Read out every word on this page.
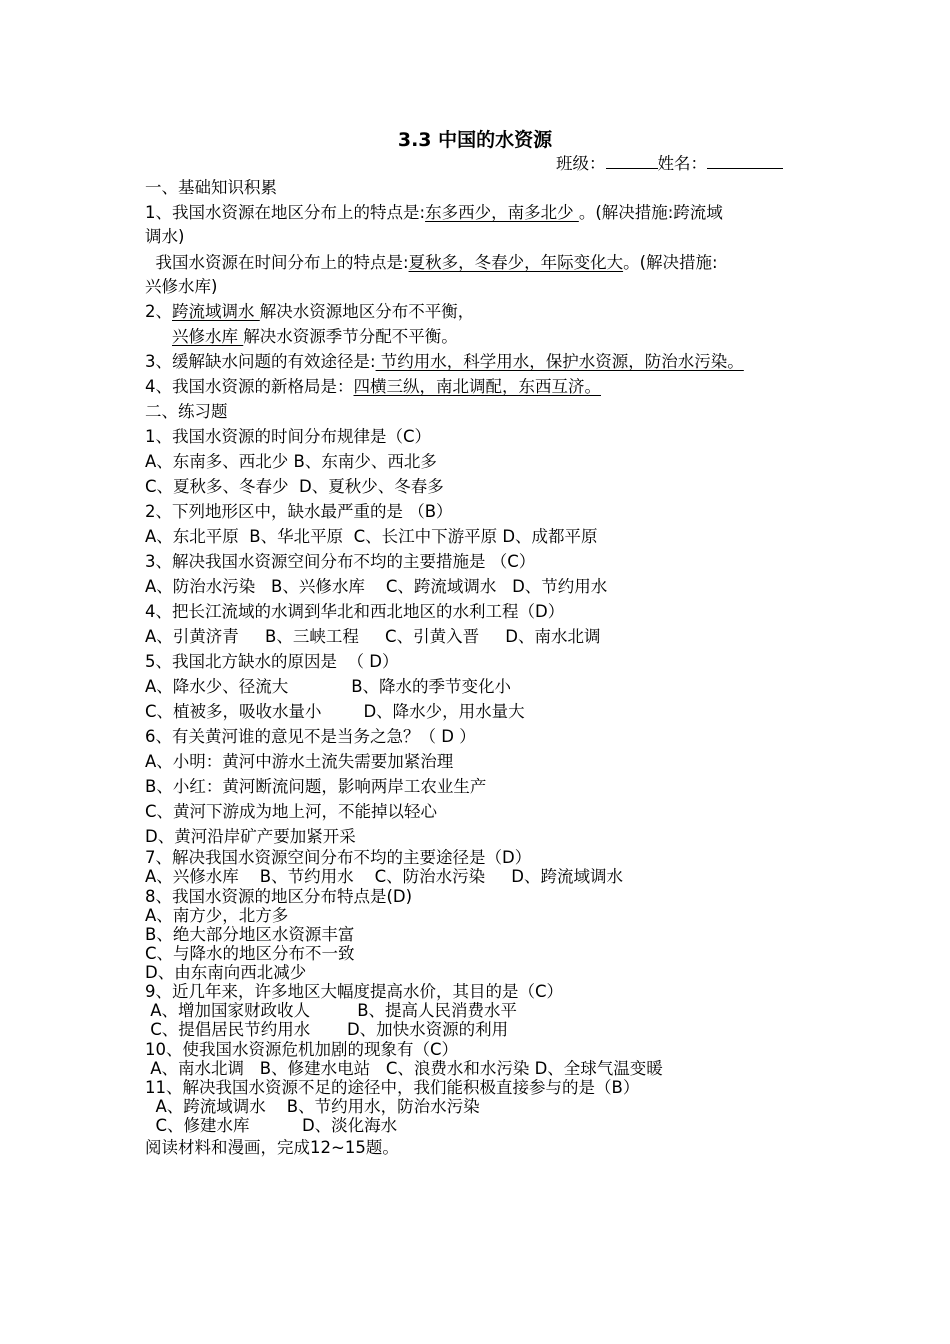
3.3 中国的水资源
班级：	姓名：
一、基础知识积累
1、我国水资源在地区分布上的特点是:东多西少，南多北少 。(解决措施:跨流域
调水)
我国水资源在时间分布上的特点是:夏秋多，冬春少，年际变化大。(解决措施:
兴修水库)
2、跨流域调水 解决水资源地区分布不平衡，
兴修水库 解决水资源季节分配不平衡。
3、缓解缺水问题的有效途径是: 节约用水，科学用水，保护水资源，防治水污染。
4、我国水资源的新格局是：四横三纵，南北调配，东西互济。
二、练习题
1、我国水资源的时间分布规律是（C）
A、东南多、西北少 B、东南少、西北多
C、夏秋多、冬春少  D、夏秋少、冬春多
2、下列地形区中，缺水最严重的是 （B）
A、东北平原  B、华北平原  C、长江中下游平原 D、成都平原
3、解决我国水资源空间分布不均的主要措施是 （C）
A、防治水污染   B、兴修水库    C、跨流域调水   D、节约用水
4、把长江流域的水调到华北和西北地区的水利工程（D）
A、引黄济青     B、三峡工程     C、引黄入晋     D、南水北调
5、我国北方缺水的原因是  （ D）
A、降水少、径流大            B、降水的季节变化小
C、植被多，吸收水量小        D、降水少，用水量大
6、有关黄河谁的意见不是当务之急？（ D ）
A、小明：黄河中游水土流失需要加紧治理
B、小红：黄河断流问题，影响两岸工农业生产
C、黄河下游成为地上河，不能掉以轻心
D、黄河沿岸矿产要加紧开采
7、解决我国水资源空间分布不均的主要途径是（D）
A、兴修水库    B、节约用水    C、防治水污染     D、跨流域调水
8、我国水资源的地区分布特点是(D)
A、南方少，北方多
B、绝大部分地区水资源丰富
C、与降水的地区分布不一致
D、由东南向西北减少
9、近几年来，许多地区大幅度提高水价，其目的是（C）
A、增加国家财政收人         B、提高人民消费水平
C、提倡居民节约用水       D、加快水资源的利用
10、使我国水资源危机加剧的现象有（C）
A、南水北调   B、修建水电站   C、浪费水和水污染 D、全球气温变暖
11、解决我国水资源不足的途径中，我们能积极直接参与的是（B）
A、跨流域调水    B、节约用水，防治水污染
C、修建水库          D、淡化海水
阅读材料和漫画，完成12~15题。
